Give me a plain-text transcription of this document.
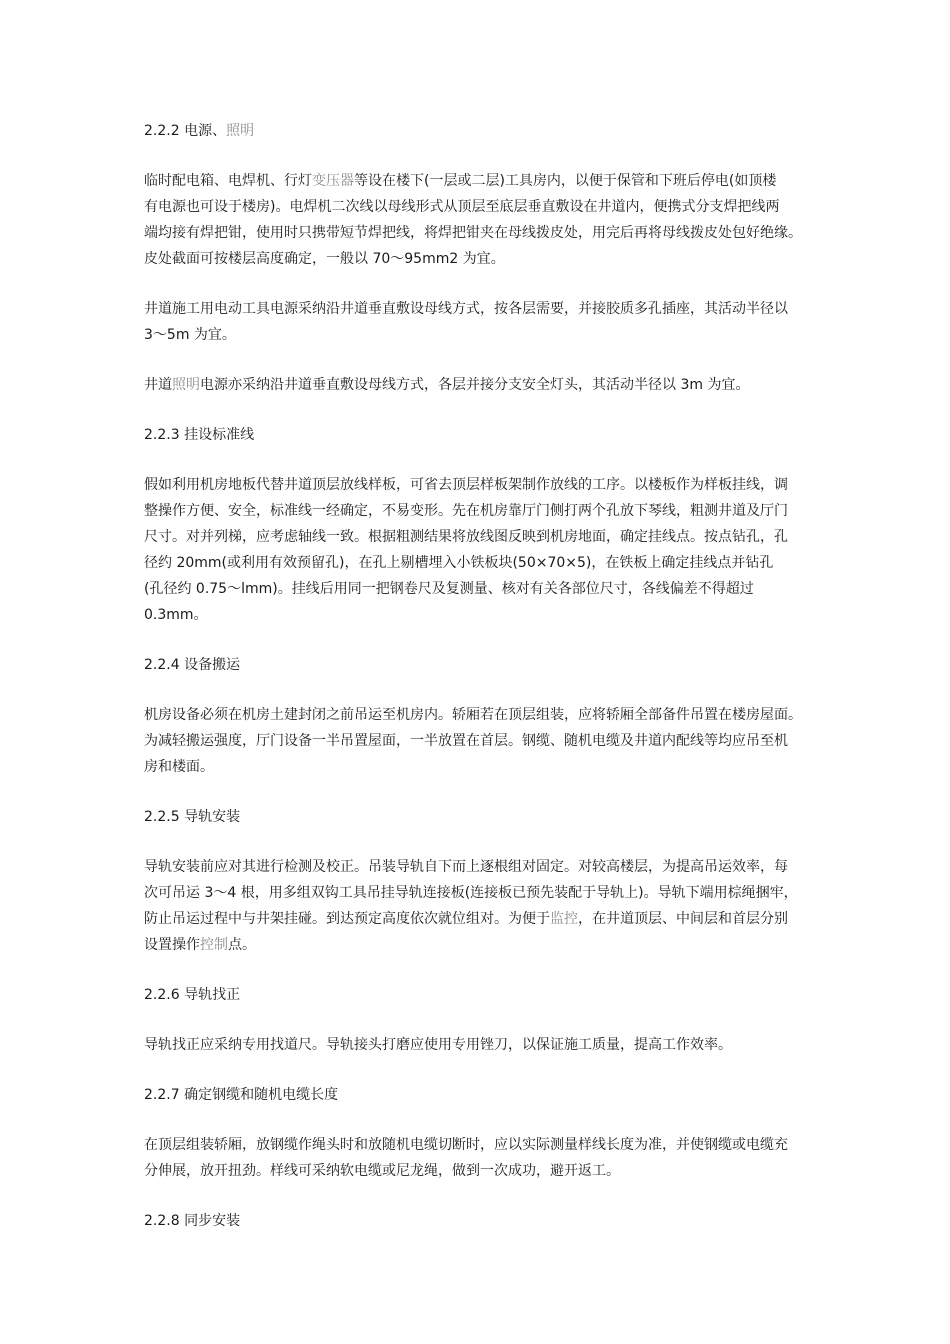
2.2.2 电源、照明
临时配电箱、电焊机、行灯变压器等设在楼下(一层或二层)工具房内，以便于保管和下班后停电(如顶楼
有电源也可设于楼房)。电焊机二次线以母线形式从顶层至底层垂直敷设在井道内，便携式分支焊把线两
端均接有焊把钳，使用时只携带短节焊把线，将焊把钳夹在母线拨皮处，用完后再将母线拨皮处包好绝缘。
皮处截面可按楼层高度确定，一般以 70～95mm2 为宜。
井道施工用电动工具电源采纳沿井道垂直敷设母线方式，按各层需要，并接胶质多孔插座，其活动半径以
3～5m 为宜。
井道照明电源亦采纳沿井道垂直敷设母线方式，各层并接分支安全灯头，其活动半径以 3m 为宜。
2.2.3 挂设标准线
假如利用机房地板代替井道顶层放线样板，可省去顶层样板架制作放线的工序。以楼板作为样板挂线，调
整操作方便、安全，标准线一经确定，不易变形。先在机房靠厅门侧打两个孔放下琴线，粗测井道及厅门
尺寸。对并列梯，应考虑轴线一致。根据粗测结果将放线图反映到机房地面，确定挂线点。按点钻孔，孔
径约 20mm(或利用有效预留孔)，在孔上剔槽埋入小铁板块(50×70×5)，在铁板上确定挂线点并钻孔
(孔径约 0.75～lmm)。挂线后用同一把钢卷尺及复测量、核对有关各部位尺寸，各线偏差不得超过
0.3mm。
2.2.4 设备搬运
机房设备必须在机房土建封闭之前吊运至机房内。轿厢若在顶层组装，应将轿厢全部备件吊置在楼房屋面。
为减轻搬运强度，厅门设备一半吊置屋面，一半放置在首层。钢缆、随机电缆及井道内配线等均应吊至机
房和楼面。
2.2.5 导轨安装
导轨安装前应对其进行检测及校正。吊装导轨自下而上逐根组对固定。对较高楼层，为提高吊运效率，每
次可吊运 3～4 根，用多组双钩工具吊挂导轨连接板(连接板已预先装配于导轨上)。导轨下端用棕绳捆牢，
防止吊运过程中与井架挂碰。到达预定高度依次就位组对。为便于监控，在井道顶层、中间层和首层分别
设置操作控制点。
2.2.6 导轨找正
导轨找正应采纳专用找道尺。导轨接头打磨应使用专用锉刀，以保证施工质量，提高工作效率。
2.2.7 确定钢缆和随机电缆长度
在顶层组装轿厢，放钢缆作绳头时和放随机电缆切断时，应以实际测量样线长度为准，并使钢缆或电缆充
分伸展，放开扭劲。样线可采纳软电缆或尼龙绳，做到一次成功，避开返工。
2.2.8 同步安装
